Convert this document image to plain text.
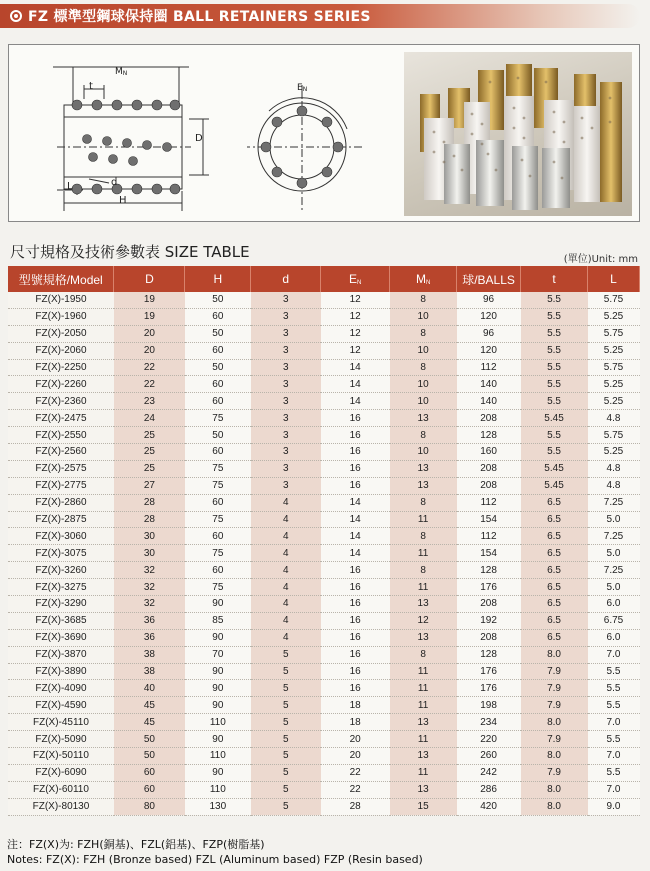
FZ 標準型鋼球保持圈 BALL RETAINERS SERIES
MN
t
D
L	d
H
EN
尺寸規格及技術參數表 SIZE TABLE	(單位)Unit: mm
型號規格/Model	D	H	d	EN	MN	球/BALLS	t	L
FZ(X)-1950	19	50	3	12	8	96	5.5	5.75
FZ(X)-1960	19	60	3	12	10	120	5.5	5.25
FZ(X)-2050	20	50	3	12	8	96	5.5	5.75
FZ(X)-2060	20	60	3	12	10	120	5.5	5.25
FZ(X)-2250	22	50	3	14	8	112	5.5	5.75
FZ(X)-2260	22	60	3	14	10	140	5.5	5.25
FZ(X)-2360	23	60	3	14	10	140	5.5	5.25
FZ(X)-2475	24	75	3	16	13	208	5.45	4.8
FZ(X)-2550	25	50	3	16	8	128	5.5	5.75
FZ(X)-2560	25	60	3	16	10	160	5.5	5.25
FZ(X)-2575	25	75	3	16	13	208	5.45	4.8
FZ(X)-2775	27	75	3	16	13	208	5.45	4.8
FZ(X)-2860	28	60	4	14	8	112	6.5	7.25
FZ(X)-2875	28	75	4	14	11	154	6.5	5.0
FZ(X)-3060	30	60	4	14	8	112	6.5	7.25
FZ(X)-3075	30	75	4	14	11	154	6.5	5.0
FZ(X)-3260	32	60	4	16	8	128	6.5	7.25
FZ(X)-3275	32	75	4	16	11	176	6.5	5.0
FZ(X)-3290	32	90	4	16	13	208	6.5	6.0
FZ(X)-3685	36	85	4	16	12	192	6.5	6.75
FZ(X)-3690	36	90	4	16	13	208	6.5	6.0
FZ(X)-3870	38	70	5	16	8	128	8.0	7.0
FZ(X)-3890	38	90	5	16	11	176	7.9	5.5
FZ(X)-4090	40	90	5	16	11	176	7.9	5.5
FZ(X)-4590	45	90	5	18	11	198	7.9	5.5
FZ(X)-45110	45	110	5	18	13	234	8.0	7.0
FZ(X)-5090	50	90	5	20	11	220	7.9	5.5
FZ(X)-50110	50	110	5	20	13	260	8.0	7.0
FZ(X)-6090	60	90	5	22	11	242	7.9	5.5
FZ(X)-60110	60	110	5	22	13	286	8.0	7.0
FZ(X)-80130	80	130	5	28	15	420	8.0	9.0
注：FZ(X)为: FZH(銅基)、FZL(鋁基)、FZP(樹脂基)
Notes: FZ(X): FZH (Bronze based) FZL (Aluminum based) FZP (Resin based)
